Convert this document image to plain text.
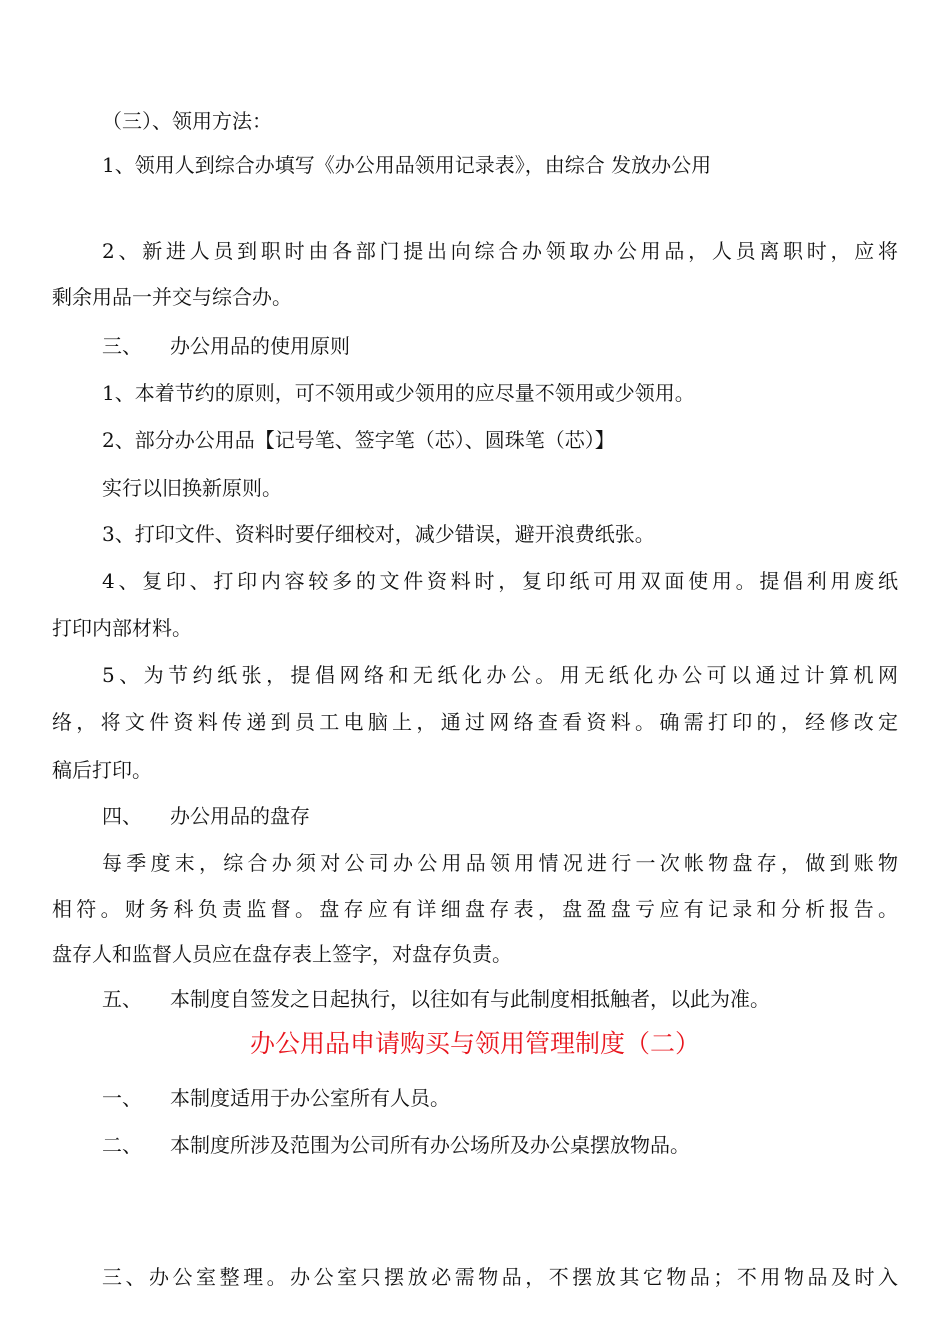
（三）、领用方法：
1、领用人到综合办填写《办公用品领用记录表》，由综合 发放办公用
2、新进人员到职时由各部门提出向综合办领取办公用品，人员离职时，应将
剩余用品一并交与综合办。
三、 办公用品的使用原则
1、本着节约的原则，可不领用或少领用的应尽量不领用或少领用。
2、部分办公用品【记号笔、签字笔（芯）、圆珠笔（芯）】
实行以旧换新原则。
3、打印文件、资料时要仔细校对，减少错误，避开浪费纸张。
4、复印、打印内容较多的文件资料时，复印纸可用双面使用。提倡利用废纸
打印内部材料。
5、为节约纸张，提倡网络和无纸化办公。用无纸化办公可以通过计算机网
络，将文件资料传递到员工电脑上，通过网络查看资料。确需打印的，经修改定
稿后打印。
四、 办公用品的盘存
每季度末，综合办须对公司办公用品领用情况进行一次帐物盘存，做到账物
相符。财务科负责监督。盘存应有详细盘存表，盘盈盘亏应有记录和分析报告。
盘存人和监督人员应在盘存表上签字，对盘存负责。
五、 本制度自签发之日起执行，以往如有与此制度相抵触者，以此为准。
办公用品申请购买与领用管理制度（二）
一、 本制度适用于办公室所有人员。
二、 本制度所涉及范围为公司所有办公场所及办公桌摆放物品。
三、办公室整理。办公室只摆放必需物品，不摆放其它物品；不用物品及时入
